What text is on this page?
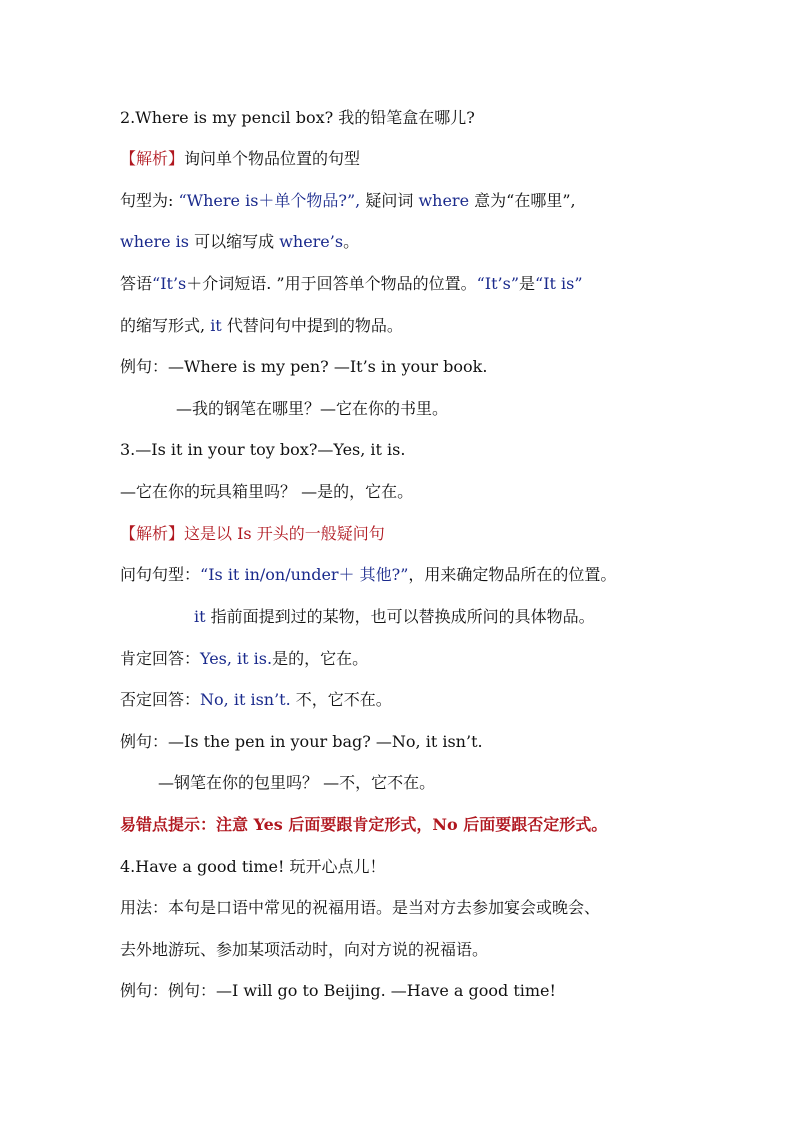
2.Where is my pencil box? 我的铅笔盒在哪儿?
【解析】询问单个物品位置的句型
句型为: “Where is＋单个物品?”, 疑问词 where 意为“在哪里”,
where is 可以缩写成 where’s。
答语“It’s＋介词短语. ”用于回答单个物品的位置。“It’s”是“It is”
的缩写形式, it 代替问句中提到的物品。
例句：—Where is my pen? —It’s in your book.
—我的钢笔在哪里？—它在你的书里。
3.—Is it in your toy box?—Yes, it is.
—它在你的玩具箱里吗？ —是的，它在。
【解析】这是以 Is 开头的一般疑问句
问句句型：“Is it in/on/under＋ 其他?”，用来确定物品所在的位置。
it 指前面提到过的某物，也可以替换成所问的具体物品。
肯定回答：Yes, it is.是的，它在。
否定回答：No, it isn’t. 不，它不在。
例句：—Is the pen in your bag? —No, it isn’t.
—钢笔在你的包里吗？ —不，它不在。
易错点提示：注意 Yes 后面要跟肯定形式，No 后面要跟否定形式。
4.Have a good time! 玩开心点儿！
用法：本句是口语中常见的祝福用语。是当对方去参加宴会或晚会、
去外地游玩、参加某项活动时，向对方说的祝福语。
例句：例句：—I will go to Beijing. —Have a good time!
